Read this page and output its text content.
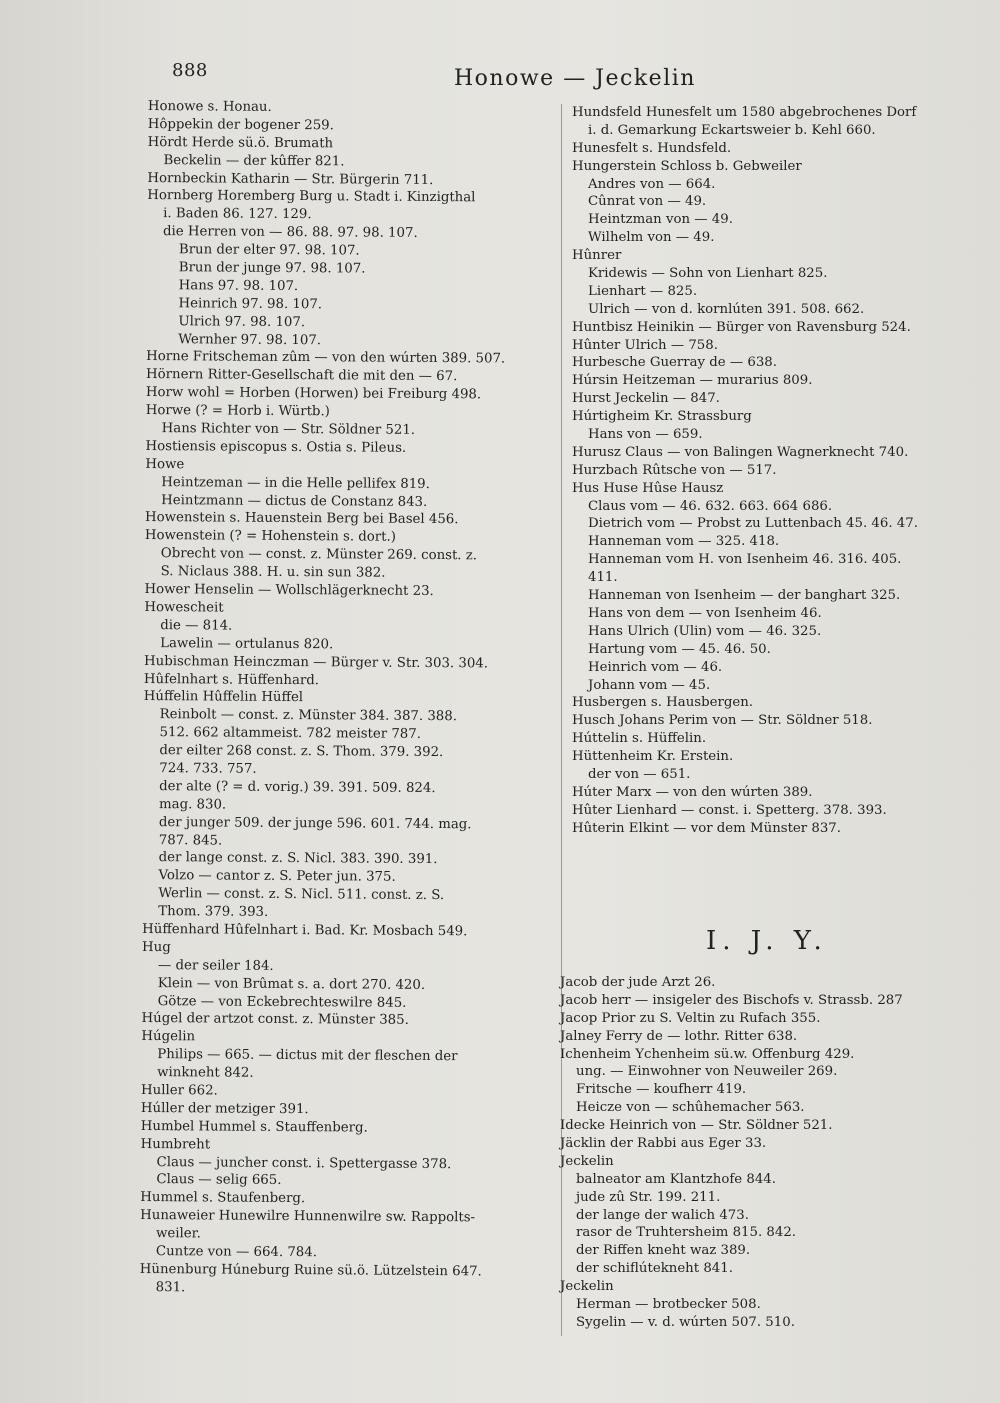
888	Honowe — Jeckelin
Honowe s. Honau.
Hôppekin der bogener 259.
Hördt Herde sü.ö. Brumath
Beckelin — der kûffer 821.
Hornbeckin Katharin — Str. Bürgerin 711.
Hornberg Horemberg Burg u. Stadt i. Kinzigthal
i. Baden 86. 127. 129.
die Herren von — 86. 88. 97. 98. 107.
Brun der elter 97. 98. 107.
Brun der junge 97. 98. 107.
Hans 97. 98. 107.
Heinrich 97. 98. 107.
Ulrich 97. 98. 107.
Wernher 97. 98. 107.
Horne Fritscheman zûm — von den wúrten 389. 507.
Hörnern Ritter-Gesellschaft die mit den — 67.
Horw wohl = Horben (Horwen) bei Freiburg 498.
Horwe (? = Horb i. Würtb.)
Hans Richter von — Str. Söldner 521.
Hostiensis episcopus s. Ostia s. Pileus.
Howe
Heintzeman — in die Helle pellifex 819.
Heintzmann — dictus de Constanz 843.
Howenstein s. Hauenstein Berg bei Basel 456.
Howenstein (? = Hohenstein s. dort.)
Obrecht von — const. z. Münster 269. const. z.
S. Niclaus 388. H. u. sin sun 382.
Hower Henselin — Wollschlägerknecht 23.
Howescheit
die — 814.
Lawelin — ortulanus 820.
Hubischman Heinczman — Bürger v. Str. 303. 304.
Hûfelnhart s. Hüffenhard.
Húffelin Hûffelin Hüffel
Reinbolt — const. z. Münster 384. 387. 388.
512. 662 altammeist. 782 meister 787.
der eilter 268 const. z. S. Thom. 379. 392.
724. 733. 757.
der alte (? = d. vorig.) 39. 391. 509. 824.
mag. 830.
der junger 509. der junge 596. 601. 744. mag.
787. 845.
der lange const. z. S. Nicl. 383. 390. 391.
Volzo — cantor z. S. Peter jun. 375.
Werlin — const. z. S. Nicl. 511. const. z. S.
Thom. 379. 393.
Hüffenhard Hûfelnhart i. Bad. Kr. Mosbach 549.
Hug
— der seiler 184.
Klein — von Brûmat s. a. dort 270. 420.
Götze — von Eckebrechteswilre 845.
Húgel der artzot const. z. Münster 385.
Húgelin
Philips — 665. — dictus mit der fleschen der
winkneht 842.
Huller 662.
Húller der metziger 391.
Humbel Hummel s. Stauffenberg.
Humbreht
Claus — juncher const. i. Spettergasse 378.
Claus — selig 665.
Hummel s. Staufenberg.
Hunaweier Hunewilre Hunnenwilre sw. Rappolts-
weiler.
Cuntze von — 664. 784.
Hünenburg Húneburg Ruine sü.ö. Lützelstein 647.
831.
Hundsfeld Hunesfelt um 1580 abgebrochenes Dorf
i. d. Gemarkung Eckartsweier b. Kehl 660.
Hunesfelt s. Hundsfeld.
Hungerstein Schloss b. Gebweiler
Andres von — 664.
Cûnrat von — 49.
Heintzman von — 49.
Wilhelm von — 49.
Hûnrer
Kridewis — Sohn von Lienhart 825.
Lienhart — 825.
Ulrich — von d. kornlúten 391. 508. 662.
Huntbisz Heinikin — Bürger von Ravensburg 524.
Hûnter Ulrich — 758.
Hurbesche Guerray de — 638.
Húrsin Heitzeman — murarius 809.
Hurst Jeckelin — 847.
Húrtigheim Kr. Strassburg
Hans von — 659.
Hurusz Claus — von Balingen Wagnerknecht 740.
Hurzbach Rûtsche von — 517.
Hus Huse Hûse Hausz
Claus vom — 46. 632. 663. 664 686.
Dietrich vom — Probst zu Luttenbach 45. 46. 47.
Hanneman vom — 325. 418.
Hanneman vom H. von Isenheim 46. 316. 405.
411.
Hanneman von Isenheim — der banghart 325.
Hans von dem — von Isenheim 46.
Hans Ulrich (Ulin) vom — 46. 325.
Hartung vom — 45. 46. 50.
Heinrich vom — 46.
Johann vom — 45.
Husbergen s. Hausbergen.
Husch Johans Perim von — Str. Söldner 518.
Húttelin s. Hüffelin.
Hüttenheim Kr. Erstein.
der von — 651.
Húter Marx — von den wúrten 389.
Hûter Lienhard — const. i. Spetterg. 378. 393.
Hûterin Elkint — vor dem Münster 837.
I. J. Y.
Jacob der jude Arzt 26.
Jacob herr — insigeler des Bischofs v. Strassb. 287
Jacop Prior zu S. Veltin zu Rufach 355.
Jalney Ferry de — lothr. Ritter 638.
Ichenheim Ychenheim sü.w. Offenburg 429.
ung. — Einwohner von Neuweiler 269.
Fritsche — koufherr 419.
Heicze von — schûhemacher 563.
Idecke Heinrich von — Str. Söldner 521.
Jäcklin der Rabbi aus Eger 33.
Jeckelin
balneator am Klantzhofe 844.
jude zû Str. 199. 211.
der lange der walich 473.
rasor de Truhtersheim 815. 842.
der Riffen kneht waz 389.
der schiflúteknеht 841.
Jeckelin
Herman — brotbecker 508.
Sygelin — v. d. wúrten 507. 510.
